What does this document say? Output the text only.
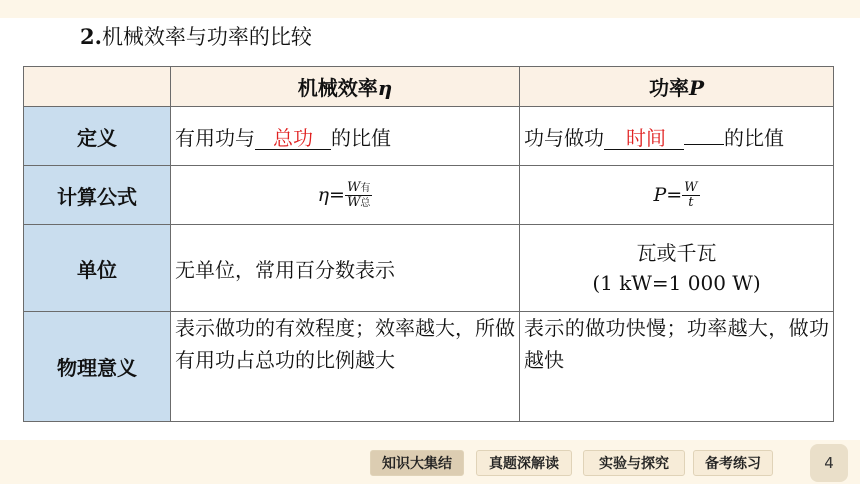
2.机械效率与功率的比较
	机械效率η	功率P
定义	有用功与 总功 的比值	功与做功 时间 的比值
计算公式	$\eta= \frac{\text{W有}}{\text{W总}}$	$P= \frac{W}{t}$

单位	无单位，常用百分数表示	瓦或千瓦
(1 kW=1 000 W)

物理意义	表示做功的有效程度；效率越大，所做有用功占总功的比例越大	表示的做功快慢；功率越大，做功越快
知识大集结	真题深解读	实验与探究	备考练习	4
